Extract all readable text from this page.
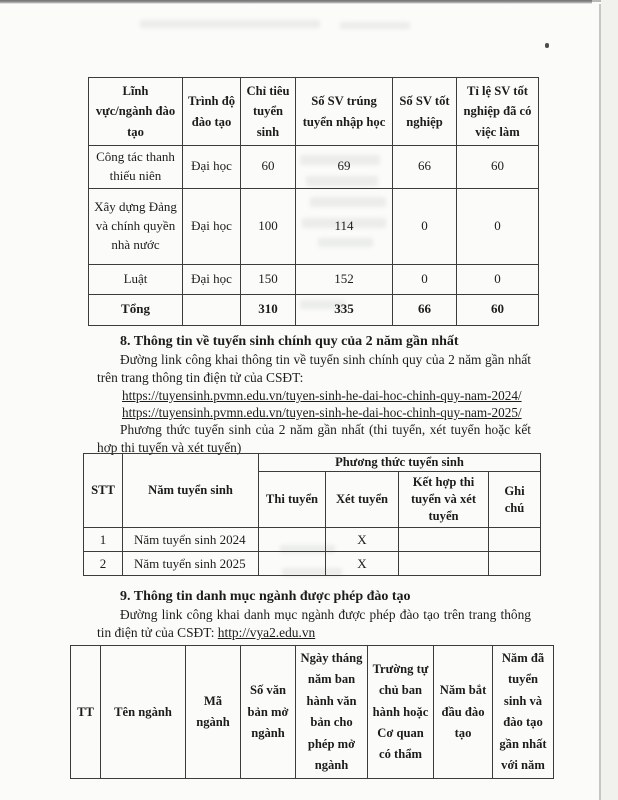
Lĩnh vực/ngành đào tạo	Trình độ đào tạo	Chỉ tiêu tuyển sinh	Số SV trúng tuyển nhập học	Số SV tốt nghiệp	Tỉ lệ SV tốt nghiệp đã có việc làm
Công tác thanh thiếu niên	Đại học	60	69	66	60
Xây dựng Đảng và chính quyền nhà nước	Đại học	100	114	0	0
Luật	Đại học	150	152	0	0
Tổng		310	335	66	60
8. Thông tin về tuyển sinh chính quy của 2 năm gần nhất
Đường link công khai thông tin về tuyển sinh chính quy của 2 năm gần nhất trên trang thông tin điện tử của CSĐT:
https://tuyensinh.pvmn.edu.vn/tuyen-sinh-he-dai-hoc-chinh-quy-nam-2024/
https://tuyensinh.pvmn.edu.vn/tuyen-sinh-he-dai-hoc-chinh-quy-nam-2025/
Phương thức tuyển sinh của 2 năm gần nhất (thi tuyển, xét tuyển hoặc kết hợp thi tuyển và xét tuyển)
STT	Năm tuyển sinh	Phương thức tuyển sinh			
		Thi tuyển	Xét tuyển	Kết hợp thi tuyển và xét tuyển	Ghi chú
1	Năm tuyển sinh 2024		X		
2	Năm tuyển sinh 2025		X		
9. Thông tin danh mục ngành được phép đào tạo
Đường link công khai danh mục ngành được phép đào tạo trên trang thông tin điện tử của CSĐT: http://vya2.edu.vn
TT	Tên ngành	Mã ngành	Số văn bản mở ngành	Ngày tháng năm ban hành văn bản cho phép mở ngành	Trường tự chủ ban hành hoặc Cơ quan có thẩm	Năm bắt đầu đào tạo	Năm đã tuyển sinh và đào tạo gần nhất với năm
